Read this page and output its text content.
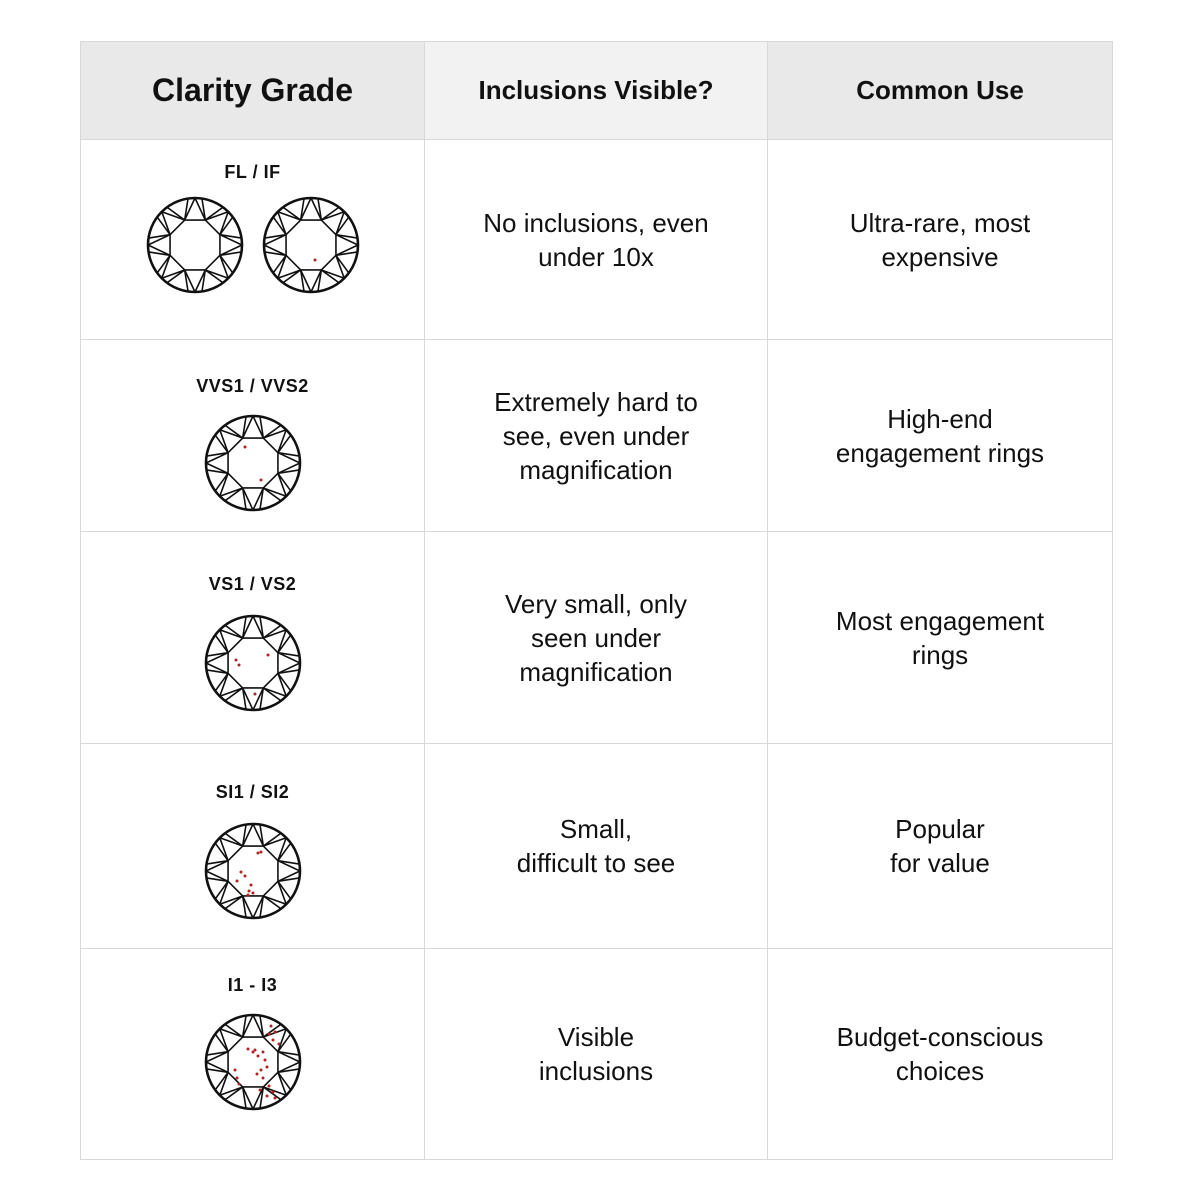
Clarity Grade	Inclusions Visible?	Common Use
FL / IF
No inclusions, even
under 10x
Ultra-rare, most
expensive
VVS1 / VVS2
Extremely hard to
see, even under
magnification
High-end
engagement rings
VS1 / VS2
Very small, only
seen under
magnification
Most engagement
rings
SI1 / SI2
Small,
difficult to see
Popular
for value
I1 - I3
Visible
inclusions
Budget-conscious
choices
